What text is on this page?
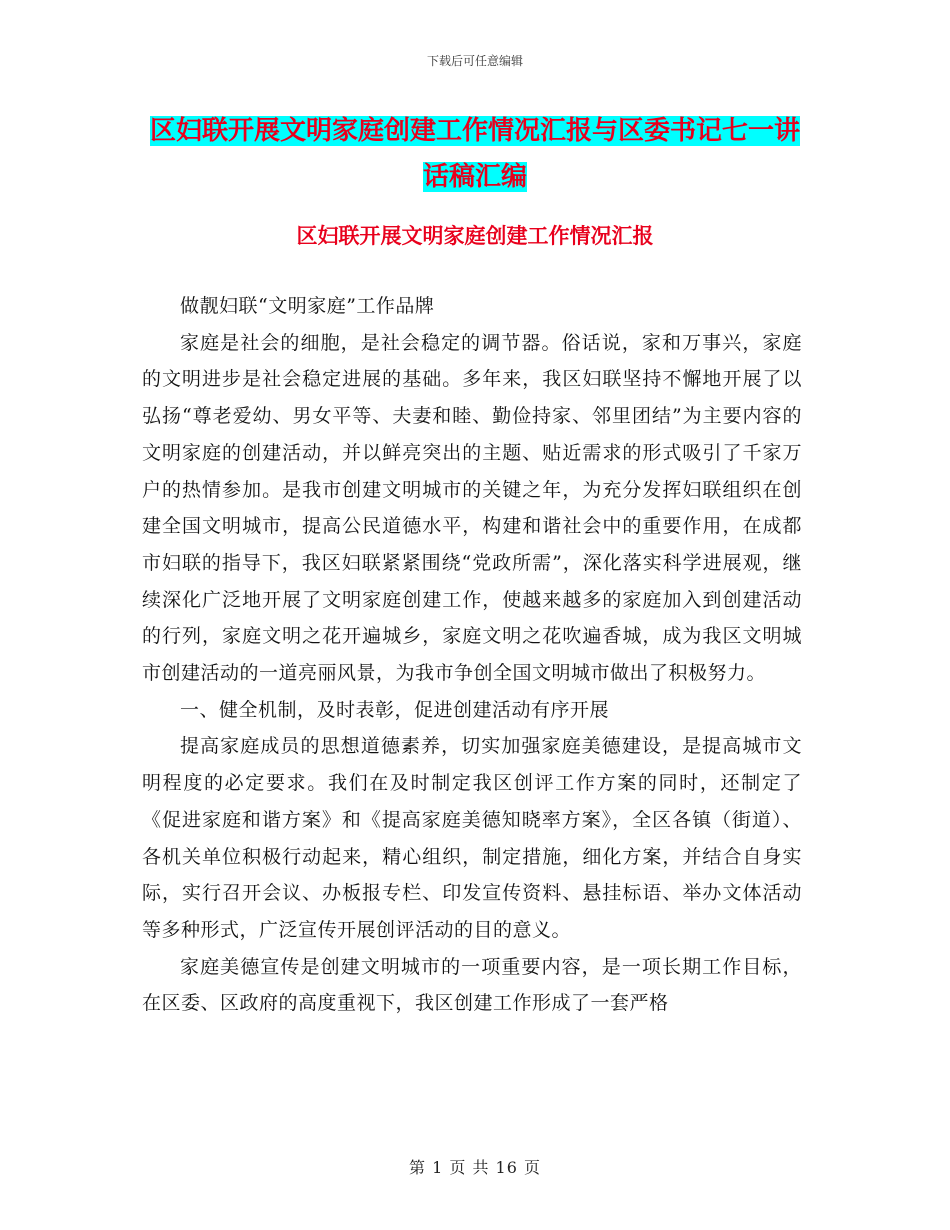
下载后可任意编辑
区妇联开展文明家庭创建工作情况汇报与区委书记七一讲话稿汇编
区妇联开展文明家庭创建工作情况汇报

做靓妇联“文明家庭”工作品牌

家庭是社会的细胞，是社会稳定的调节器。俗话说，家和万事兴，家庭的文明进步是社会稳定进展的基础。多年来，我区妇联坚持不懈地开展了以弘扬“尊老爱幼、男女平等、夫妻和睦、勤俭持家、邻里团结”为主要内容的文明家庭的创建活动，并以鲜亮突出的主题、贴近需求的形式吸引了千家万户的热情参加。是我市创建文明城市的关键之年，为充分发挥妇联组织在创建全国文明城市，提高公民道德水平，构建和谐社会中的重要作用，在成都市妇联的指导下，我区妇联紧紧围绕“党政所需”，深化落实科学进展观，继续深化广泛地开展了文明家庭创建工作，使越来越多的家庭加入到创建活动的行列，家庭文明之花开遍城乡，家庭文明之花吹遍香城，成为我区文明城市创建活动的一道亮丽风景，为我市争创全国文明城市做出了积极努力。

一、健全机制，及时表彰，促进创建活动有序开展

提高家庭成员的思想道德素养，切实加强家庭美德建设，是提高城市文明程度的必定要求。我们在及时制定我区创评工作方案的同时，还制定了《促进家庭和谐方案》和《提高家庭美德知晓率方案》，全区各镇（街道）、各机关单位积极行动起来，精心组织，制定措施，细化方案，并结合自身实际，实行召开会议、办板报专栏、印发宣传资料、悬挂标语、举办文体活动等多种形式，广泛宣传开展创评活动的目的意义。

家庭美德宣传是创建文明城市的一项重要内容，是一项长期工作目标，在区委、区政府的高度重视下，我区创建工作形成了一套严格

第 1 页 共 16 页
